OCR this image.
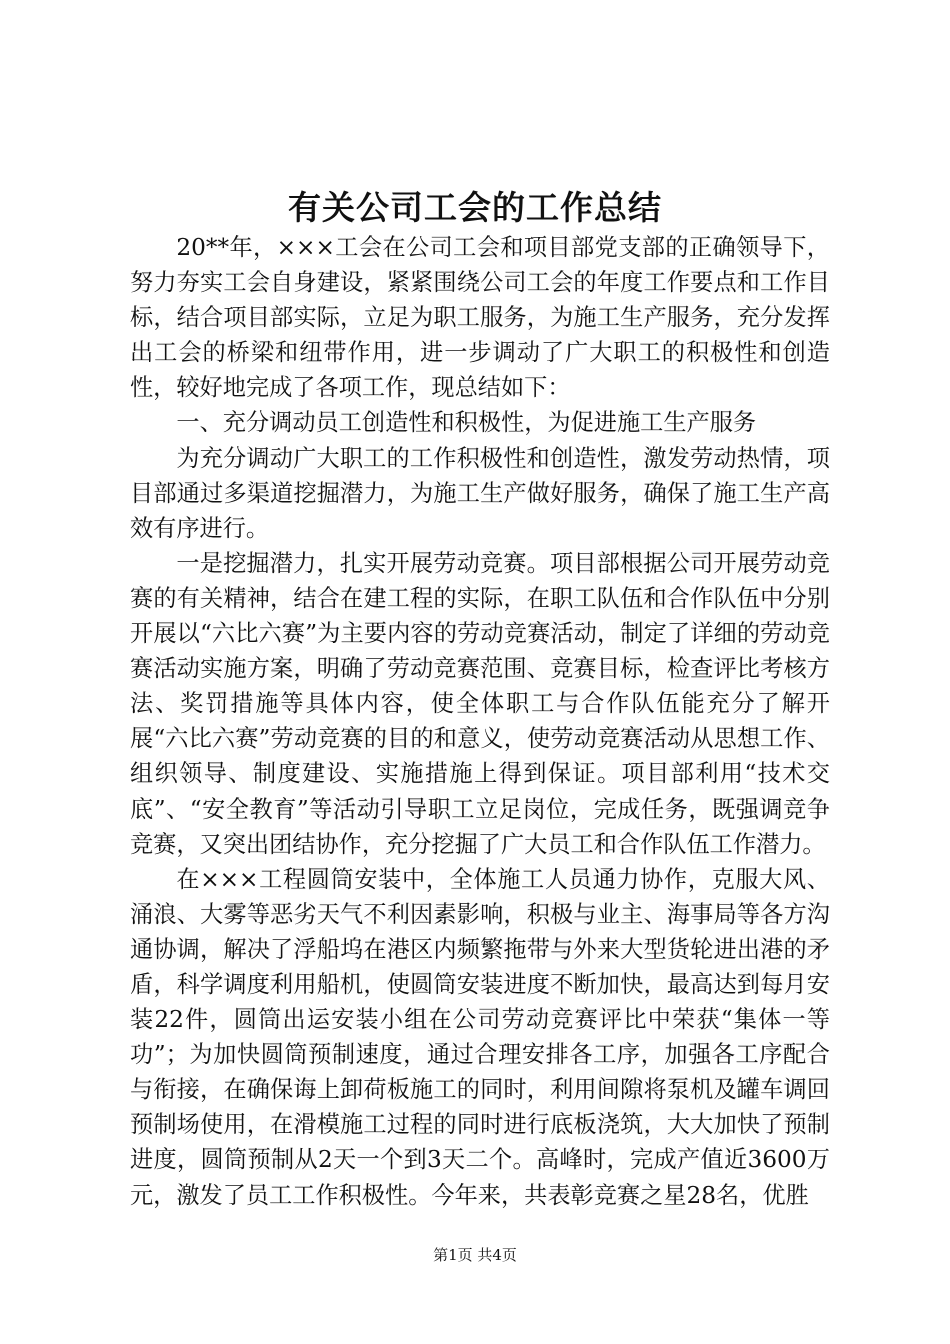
有关公司工会的工作总结

20**年，×××工会在公司工会和项目部党支部的正确领导下，努力夯实工会自身建设，紧紧围绕公司工会的年度工作要点和工作目标，结合项目部实际，立足为职工服务，为施工生产服务，充分发挥出工会的桥梁和纽带作用，进一步调动了广大职工的积极性和创造性，较好地完成了各项工作，现总结如下：

一、充分调动员工创造性和积极性，为促进施工生产服务

为充分调动广大职工的工作积极性和创造性，激发劳动热情，项目部通过多渠道挖掘潜力，为施工生产做好服务，确保了施工生产高效有序进行。

一是挖掘潜力，扎实开展劳动竞赛。项目部根据公司开展劳动竞赛的有关精神，结合在建工程的实际，在职工队伍和合作队伍中分别开展以“六比六赛”为主要内容的劳动竞赛活动，制定了详细的劳动竞赛活动实施方案，明确了劳动竞赛范围、竞赛目标，检查评比考核方法、奖罚措施等具体内容，使全体职工与合作队伍能充分了解开展“六比六赛”劳动竞赛的目的和意义，使劳动竞赛活动从思想工作、组织领导、制度建设、实施措施上得到保证。项目部利用“技术交底”、“安全教育”等活动引导职工立足岗位，完成任务，既强调竞争竞赛，又突出团结协作，充分挖掘了广大员工和合作队伍工作潜力。

在×××工程圆筒安装中，全体施工人员通力协作，克服大风、涌浪、大雾等恶劣天气不利因素影响，积极与业主、海事局等各方沟通协调，解决了浮船坞在港区内频繁拖带与外来大型货轮进出港的矛盾，科学调度利用船机，使圆筒安装进度不断加快，最高达到每月安装22件，圆筒出运安装小组在公司劳动竞赛评比中荣获“集体一等功”；为加快圆筒预制速度，通过合理安排各工序，加强各工序配合与衔接，在确保诲上卸荷板施工的同时，利用间隙将泵机及罐车调回预制场使用，在滑模施工过程的同时进行底板浇筑，大大加快了预制进度，圆筒预制从2天一个到3天二个。高峰时，完成产值近3600万元，激发了员工工作积极性。今年来，共表彰竞赛之星28名，优胜

第1页 共4页
